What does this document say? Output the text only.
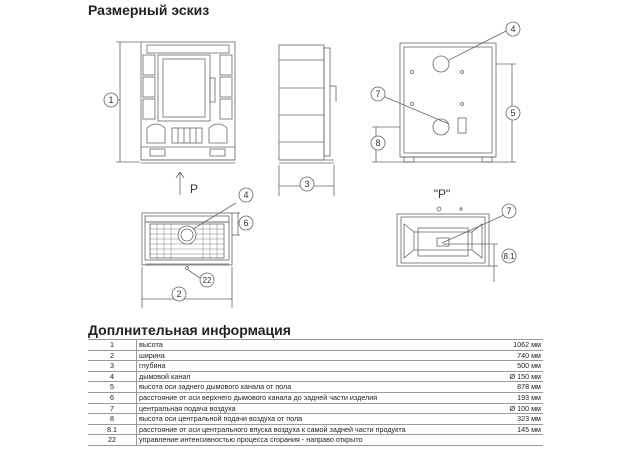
Размерный эскиз
1
3
4
7
5
8
4
6
22
2
7
8.1
P	"P"
Доплнительная информация
1	высота	1062 мм
2	ширина	740 мм
3	глубина	500 мм
4	дымовой канал	Ø 150 мм
5	высота оси заднего дымового канала от пола	878 мм
6	расстояние от оси верхнего дымового канала до задней части изделия	193 мм
7	центральная подача воздуха	Ø 100 мм
8	высота оси центральной подачи воздуха от пола	323 мм
8.1	расстояние от оси центрального впуска воздуха к самой задней части продукта	145 мм
22	управление интенсивностью процесса сгорания - направо открыто	
